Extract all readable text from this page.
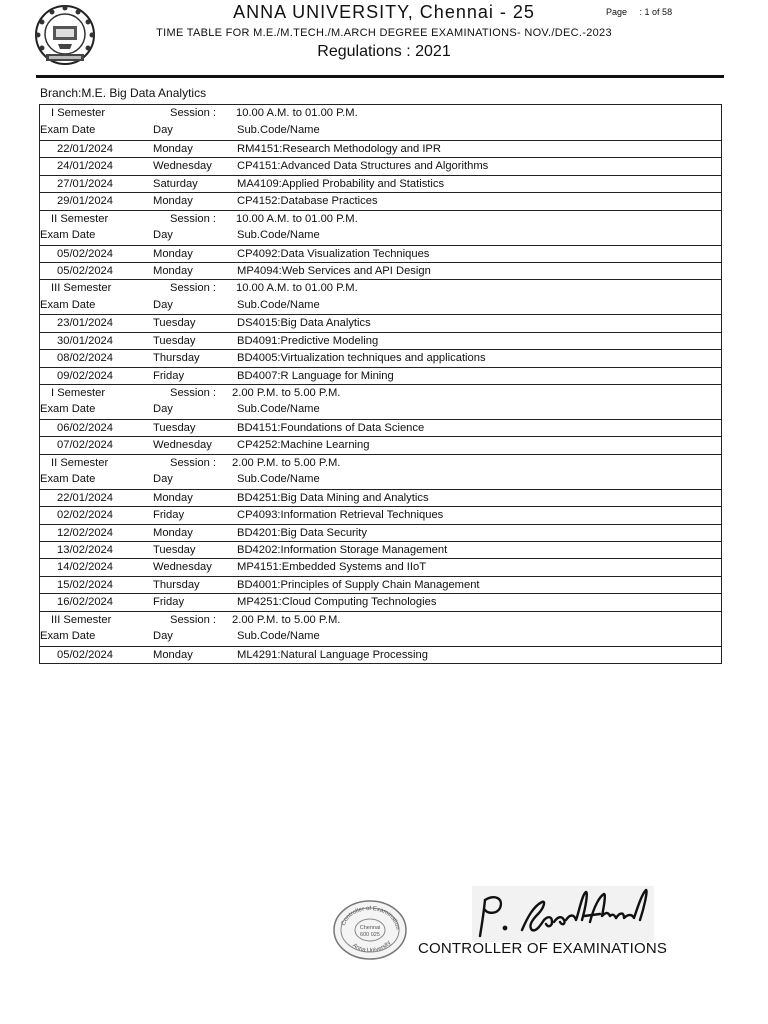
ANNA UNIVERSITY, Chennai - 25	Page : 1 of 58
TIME TABLE FOR M.E./M.TECH./M.ARCH DEGREE EXAMINATIONS- NOV./DEC.-2023
Regulations : 2021
Branch:M.E. Big Data Analytics
I Semester	Session : 10.00 A.M. to 01.00 P.M.
Exam Date	Day	Sub.Code/Name
22/01/2024	Monday	RM4151:Research Methodology and IPR
24/01/2024	Wednesday CP4151:Advanced Data Structures and Algorithms
27/01/2024	Saturday	MA4109:Applied Probability and Statistics
29/01/2024	Monday	CP4152:Database Practices
II Semester	Session : 10.00 A.M. to 01.00 P.M.
Exam Date	Day	Sub.Code/Name
05/02/2024	Monday	CP4092:Data Visualization Techniques
05/02/2024	Monday	MP4094:Web Services and API Design
III Semester	Session : 10.00 A.M. to 01.00 P.M.
Exam Date	Day	Sub.Code/Name
23/01/2024	Tuesday	DS4015:Big Data Analytics
30/01/2024	Tuesday	BD4091:Predictive Modeling
08/02/2024	Thursday	BD4005:Virtualization techniques and applications
09/02/2024	Friday	BD4007:R Language for Mining
I Semester	Session : 2.00 P.M. to 5.00 P.M.
Exam Date	Day	Sub.Code/Name
06/02/2024	Tuesday	BD4151:Foundations of Data Science
07/02/2024	Wednesday CP4252:Machine Learning
II Semester	Session : 2.00 P.M. to 5.00 P.M.
Exam Date	Day	Sub.Code/Name
22/01/2024	Monday	BD4251:Big Data Mining and Analytics
02/02/2024	Friday	CP4093:Information Retrieval Techniques
12/02/2024	Monday	BD4201:Big Data Security
13/02/2024	Tuesday	BD4202:Information Storage Management
14/02/2024	Wednesday MP4151:Embedded Systems and IIoT
15/02/2024	Thursday	BD4001:Principles of Supply Chain Management
16/02/2024	Friday	MP4251:Cloud Computing Technologies
III Semester	Session : 2.00 P.M. to 5.00 P.M.
Exam Date	Day	Sub.Code/Name
05/02/2024	Monday	ML4291:Natural Language Processing
Controller of Examination
Anna University
Chennai
600 025
CONTROLLER OF EXAMINATIONS
